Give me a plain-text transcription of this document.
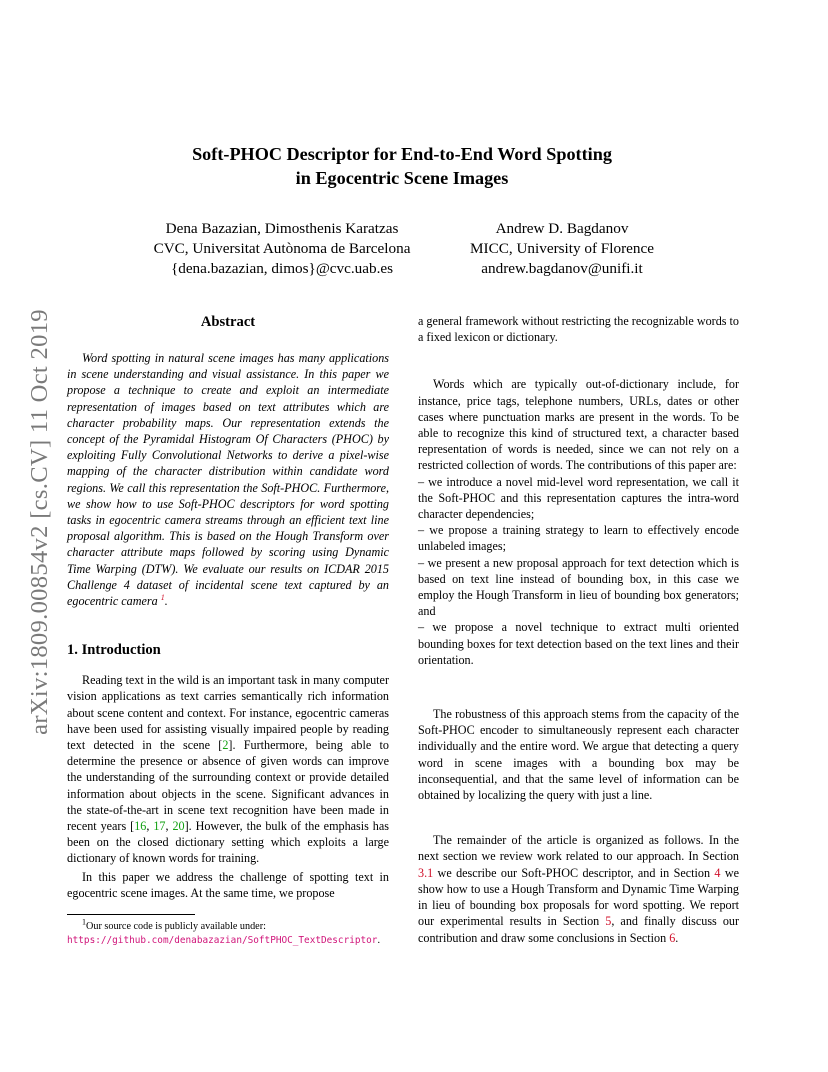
arXiv:1809.00854v2 [cs.CV] 11 Oct 2019
Soft-PHOC Descriptor for End-to-End Word Spotting
in Egocentric Scene Images
Dena Bazazian, Dimosthenis Karatzas
CVC, Universitat Autònoma de Barcelona
{dena.bazazian, dimos}@cvc.uab.es
Andrew D. Bagdanov
MICC, University of Florence
andrew.bagdanov@unifi.it
Abstract

Word spotting in natural scene images has many applications in scene understanding and visual assistance. In this paper we propose a technique to create and exploit an intermediate representation of images based on text attributes which are character probability maps. Our representation extends the concept of the Pyramidal Histogram Of Characters (PHOC) by exploiting Fully Convolutional Networks to derive a pixel-wise mapping of the character distribution within candidate word regions. We call this representation the Soft-PHOC. Furthermore, we show how to use Soft-PHOC descriptors for word spotting tasks in egocentric camera streams through an efficient text line proposal algorithm. This is based on the Hough Transform over character attribute maps followed by scoring using Dynamic Time Warping (DTW). We evaluate our results on ICDAR 2015 Challenge 4 dataset of incidental scene text captured by an egocentric camera $^1$.

1. Introduction

Reading text in the wild is an important task in many computer vision applications as text carries semantically rich information about scene content and context. For instance, egocentric cameras have been used for assisting visually impaired people by reading text detected in the scene [2]. Furthermore, being able to determine the presence or absence of given words can improve the understanding of the surrounding context or provide detailed information about objects in the scene. Significant advances in the state-of-the-art in scene text recognition have been made in recent years [16, 17, 20]. However, the bulk of the emphasis has been on the closed dictionary setting which exploits a large dictionary of known words for training.

In this paper we address the challenge of spotting text in egocentric scene images. At the same time, we propose

$^1$Our source code is publicly available under: https://github.com/denabazazian/SoftPHOC_TextDescriptor.

a general framework without restricting the recognizable words to a fixed lexicon or dictionary.

Words which are typically out-of-dictionary include, for instance, price tags, telephone numbers, URLs, dates or other cases where punctuation marks are present in the words. To be able to recognize this kind of structured text, a character based representation of words is needed, since we can not rely on a restricted collection of words. The contributions of this paper are:

– we introduce a novel mid-level word representation, we call it the Soft-PHOC and this representation captures the intra-word character dependencies;

– we propose a training strategy to learn to effectively encode unlabeled images;

– we present a new proposal approach for text detection which is based on text line instead of bounding box, in this case we employ the Hough Transform in lieu of bounding box generators; and

– we propose a novel technique to extract multi oriented bounding boxes for text detection based on the text lines and their orientation.

The robustness of this approach stems from the capacity of the Soft-PHOC encoder to simultaneously represent each character individually and the entire word. We argue that detecting a query word in scene images with a bounding box may be inconsequential, and that the same level of information can be obtained by localizing the query with just a line.

The remainder of the article is organized as follows. In the next section we review work related to our approach. In Section 3.1 we describe our Soft-PHOC descriptor, and in Section 4 we show how to use a Hough Transform and Dynamic Time Warping in lieu of bounding box proposals for word spotting. We report our experimental results in Section 5, and finally discuss our contribution and draw some conclusions in Section 6.
